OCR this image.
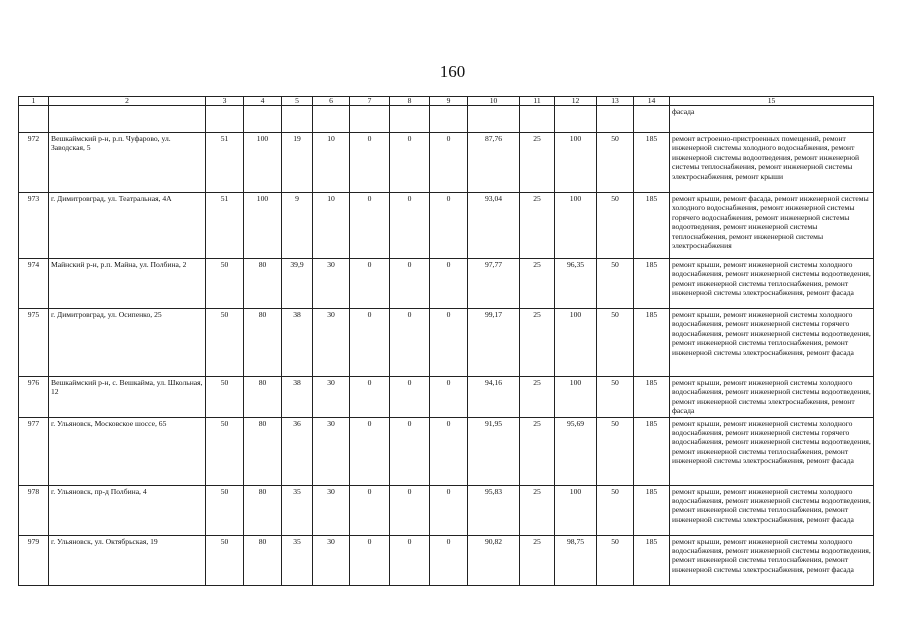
160
1	2	3	4	5	6	7	8	9	10	11	12	13	14	15
														фасада
972	Вешкаймский р-н, р.п. Чуфарово, ул. Заводская, 5	51	100	19	10	0	0	0	87,76	25	100	50	185	ремонт встроенно-пристроенных помещений, ремонт инженерной системы холодного водоснабжения, ремонт инженерной системы водоотведения, ремонт инженерной системы теплоснабжения, ремонт инженерной системы электроснабжения, ремонт крыши
973	г. Димитровград, ул. Театральная, 4А	51	100	9	10	0	0	0	93,04	25	100	50	185	ремонт крыши, ремонт фасада, ремонт инженерной системы холодного водоснабжения, ремонт инженерной системы горячего водоснабжения, ремонт инженерной системы водоотведения, ремонт инженерной системы теплоснабжения, ремонт инженерной системы электроснабжения
974	Майнский р-н, р.п. Майна, ул. Полбина, 2	50	80	39,9	30	0	0	0	97,77	25	96,35	50	185	ремонт крыши, ремонт инженерной системы холодного водоснабжения, ремонт инженерной системы водоотведения, ремонт инженерной системы теплоснабжения, ремонт инженерной системы электроснабжения, ремонт фасада
975	г. Димитровград, ул. Осипенко, 25	50	80	38	30	0	0	0	99,17	25	100	50	185	ремонт крыши, ремонт инженерной системы холодного водоснабжения, ремонт инженерной системы горячего водоснабжения, ремонт инженерной системы водоотведения, ремонт инженерной системы теплоснабжения, ремонт инженерной системы электроснабжения, ремонт фасада
976	Вешкаймский р-н, с. Вешкайма, ул. Школьная, 12	50	80	38	30	0	0	0	94,16	25	100	50	185	ремонт крыши, ремонт инженерной системы холодного водоснабжения, ремонт инженерной системы водоотведения, ремонт инженерной системы электроснабжения, ремонт фасада
977	г. Ульяновск, Московское шоссе, 65	50	80	36	30	0	0	0	91,95	25	95,69	50	185	ремонт крыши, ремонт инженерной системы холодного водоснабжения, ремонт инженерной системы горячего водоснабжения, ремонт инженерной системы водоотведения, ремонт инженерной системы теплоснабжения, ремонт инженерной системы электроснабжения, ремонт фасада
978	г. Ульяновск, пр-д Полбина, 4	50	80	35	30	0	0	0	95,83	25	100	50	185	ремонт крыши, ремонт инженерной системы холодного водоснабжения, ремонт инженерной системы водоотведения, ремонт инженерной системы теплоснабжения, ремонт инженерной системы электроснабжения, ремонт фасада
979	г. Ульяновск, ул. Октябрьская, 19	50	80	35	30	0	0	0	90,82	25	98,75	50	185	ремонт крыши, ремонт инженерной системы холодного водоснабжения, ремонт инженерной системы водоотведения, ремонт инженерной системы теплоснабжения, ремонт инженерной системы электроснабжения, ремонт фасада
